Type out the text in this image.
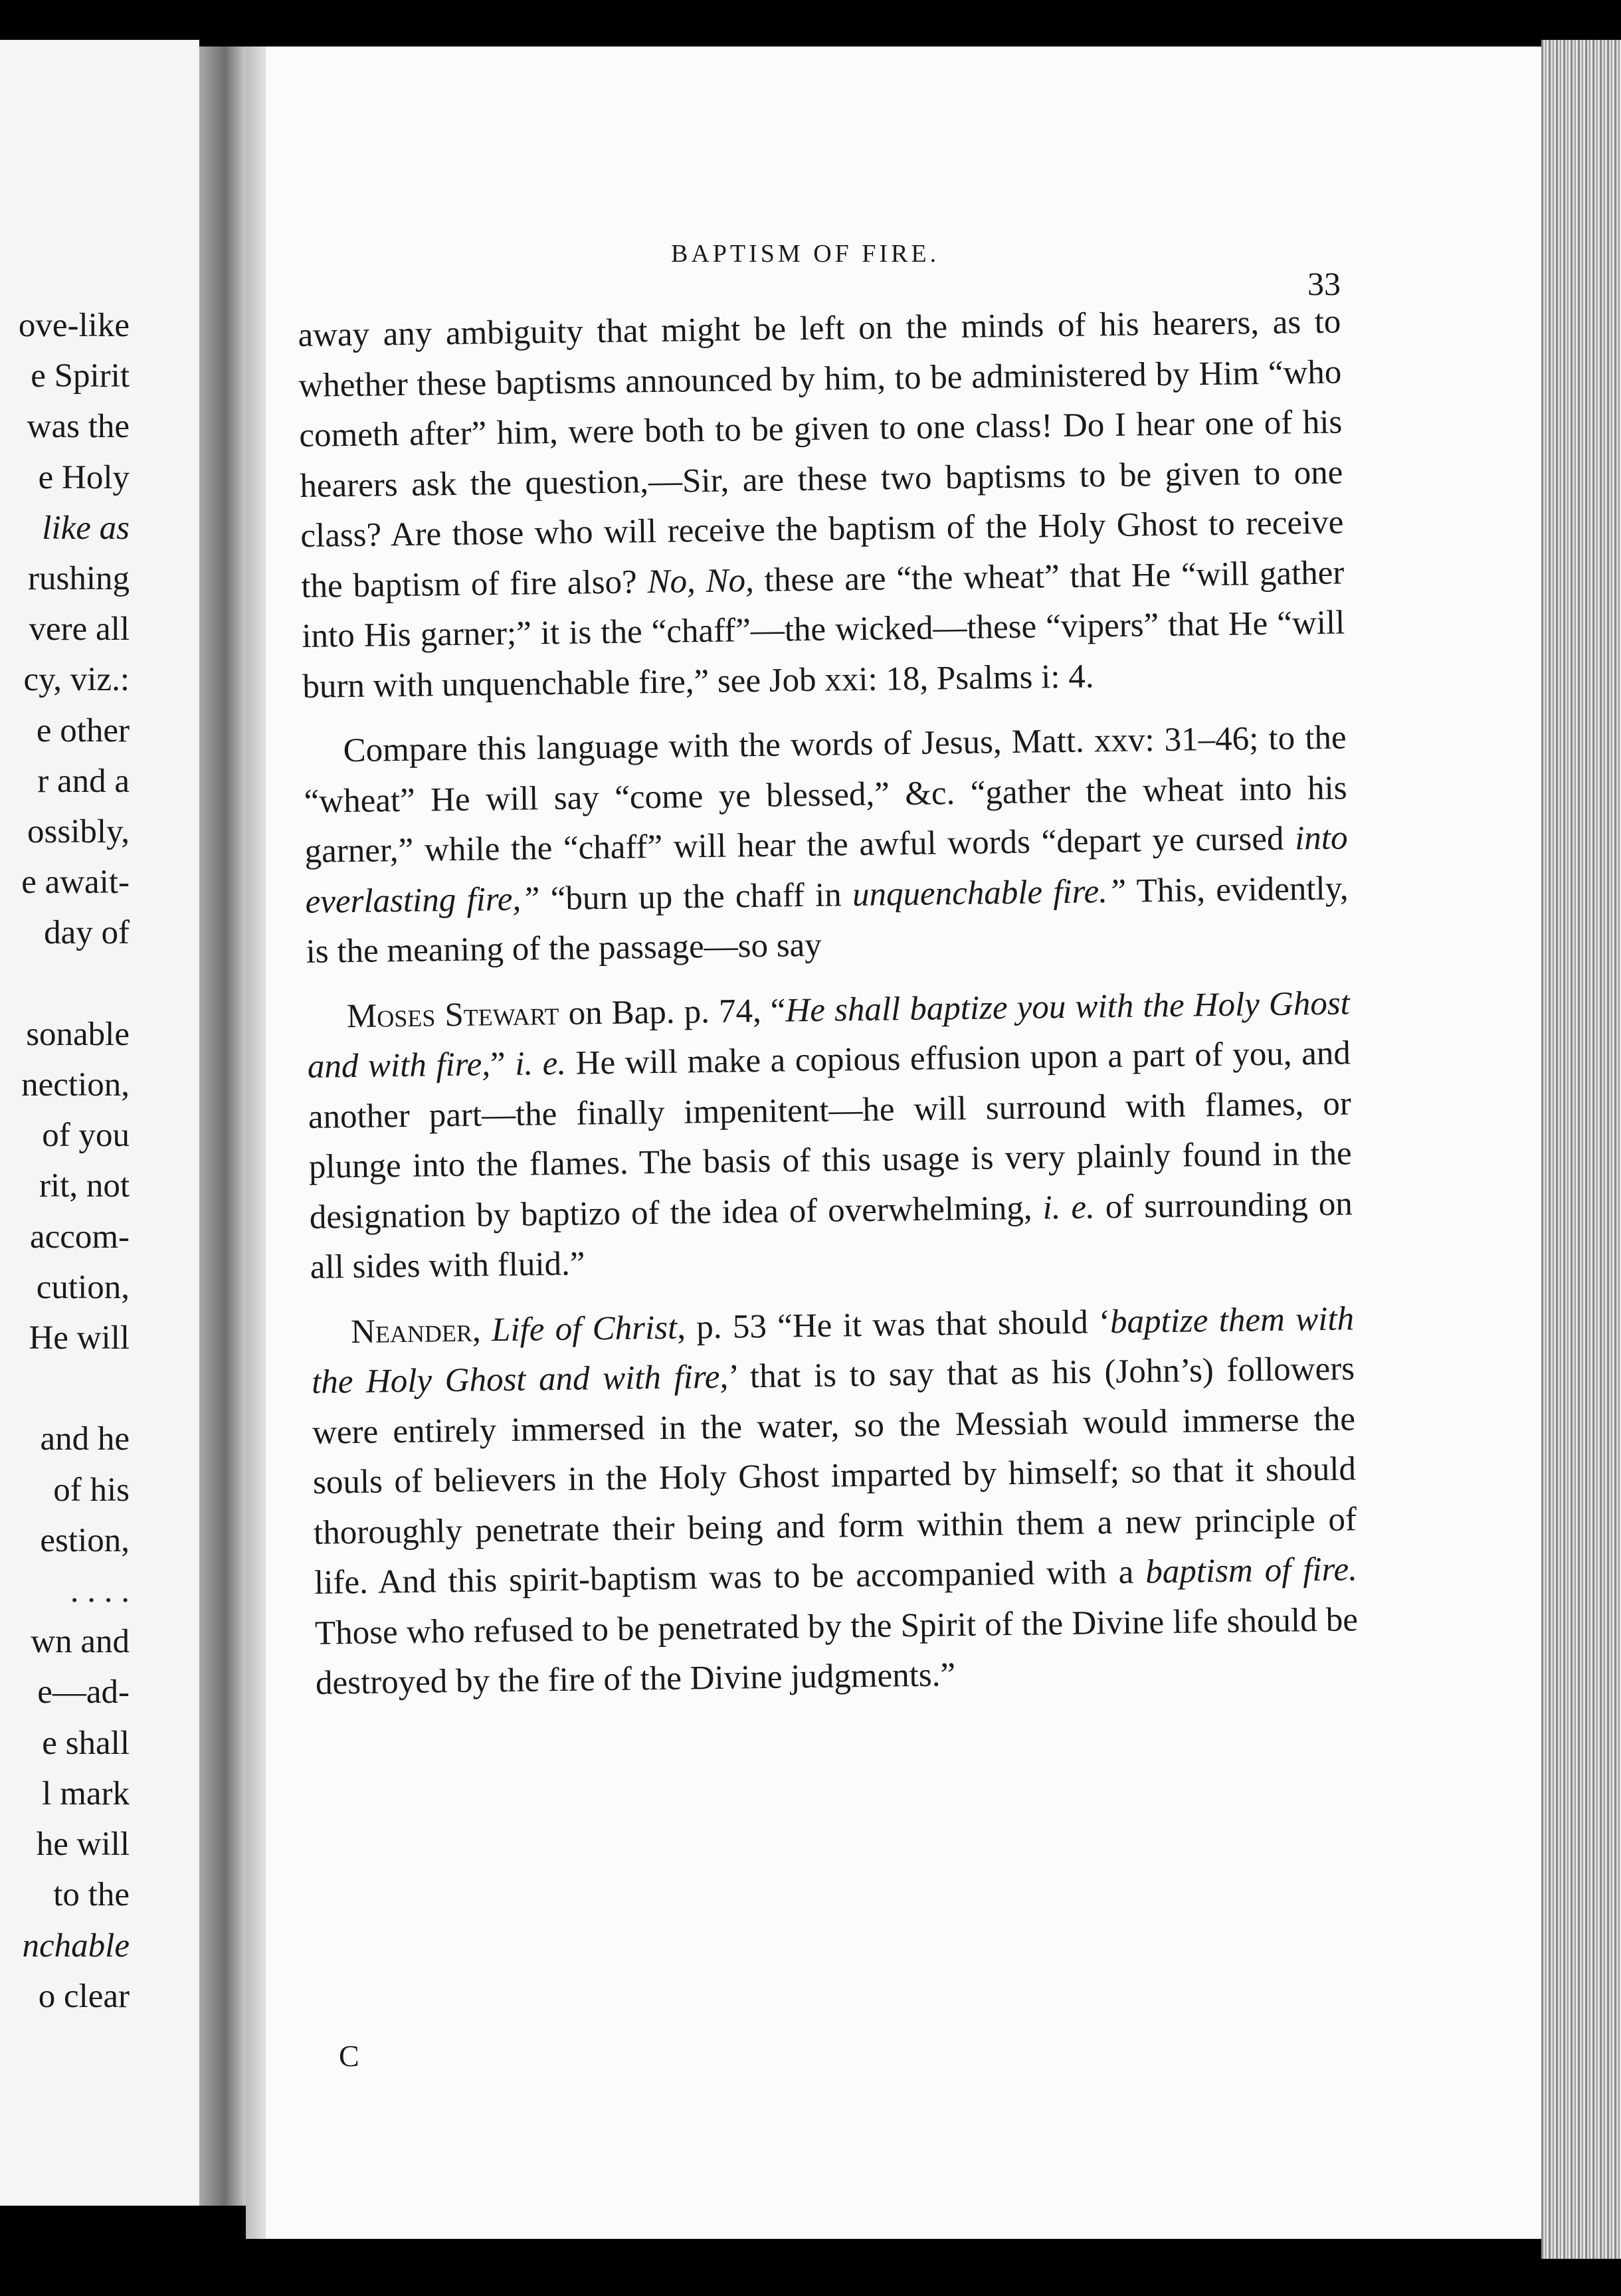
ove-like
e Spirit
was the
e Holy
like as
rushing
vere all
cy, viz.:
e other
r and a
ossibly,
e await-
day of

sonable
nection,
of you
rit, not
accom-
cution,
He will

and he
of his
estion,
. . . .
wn and
e—ad-
e shall
l mark
he will
to the
nchable
o clear
BAPTISM OF FIRE.
33
away any ambiguity that might be left on the minds of his hearers, as to whether these baptisms announced by him, to be administered by Him “who cometh after” him, were both to be given to one class! Do I hear one of his hearers ask the question,—Sir, are these two baptisms to be given to one class? Are those who will receive the baptism of the Holy Ghost to receive the baptism of fire also? No, No, these are “the wheat” that He “will gather into His garner;” it is the “chaff”—the wicked—these “vipers” that He “will burn with unquenchable fire,” see Job xxi: 18, Psalms i: 4.
Compare this language with the words of Jesus, Matt. xxv: 31–46; to the “wheat” He will say “come ye blessed,” &c. “gather the wheat into his garner,” while the “chaff” will hear the awful words “depart ye cursed into everlasting fire,” “burn up the chaff in unquenchable fire.” This, evidently, is the meaning of the passage—so say
Moses Stewart on Bap. p. 74, “He shall baptize you with the Holy Ghost and with fire,” i. e. He will make a copious effusion upon a part of you, and another part—the finally impenitent—he will surround with flames, or plunge into the flames. The basis of this usage is very plainly found in the designation by baptizo of the idea of overwhelming, i. e. of surrounding on all sides with fluid.”
Neander, Life of Christ, p. 53 “He it was that should ‘baptize them with the Holy Ghost and with fire,’ that is to say that as his (John’s) followers were entirely immersed in the water, so the Messiah would immerse the souls of believers in the Holy Ghost imparted by himself; so that it should thoroughly penetrate their being and form within them a new principle of life. And this spirit-baptism was to be accompanied with a baptism of fire. Those who refused to be penetrated by the Spirit of the Divine life should be destroyed by the fire of the Divine judgments.”
C
